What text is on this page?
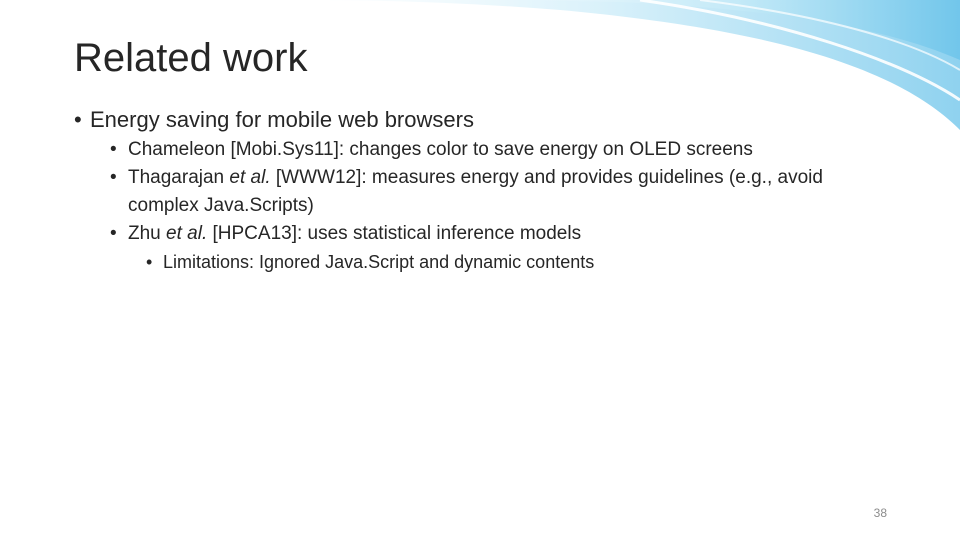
Related work

• Energy saving for mobile web browsers

• Chameleon [Mobi.Sys11]: changes color to save energy on OLED screens

• Thagarajan et al. [WWW12]: measures energy and provides guidelines (e.g., avoid complex Java.Scripts)

• Zhu et al. [HPCA13]: uses statistical inference models

• Limitations: Ignored Java.Script and dynamic contents

38
